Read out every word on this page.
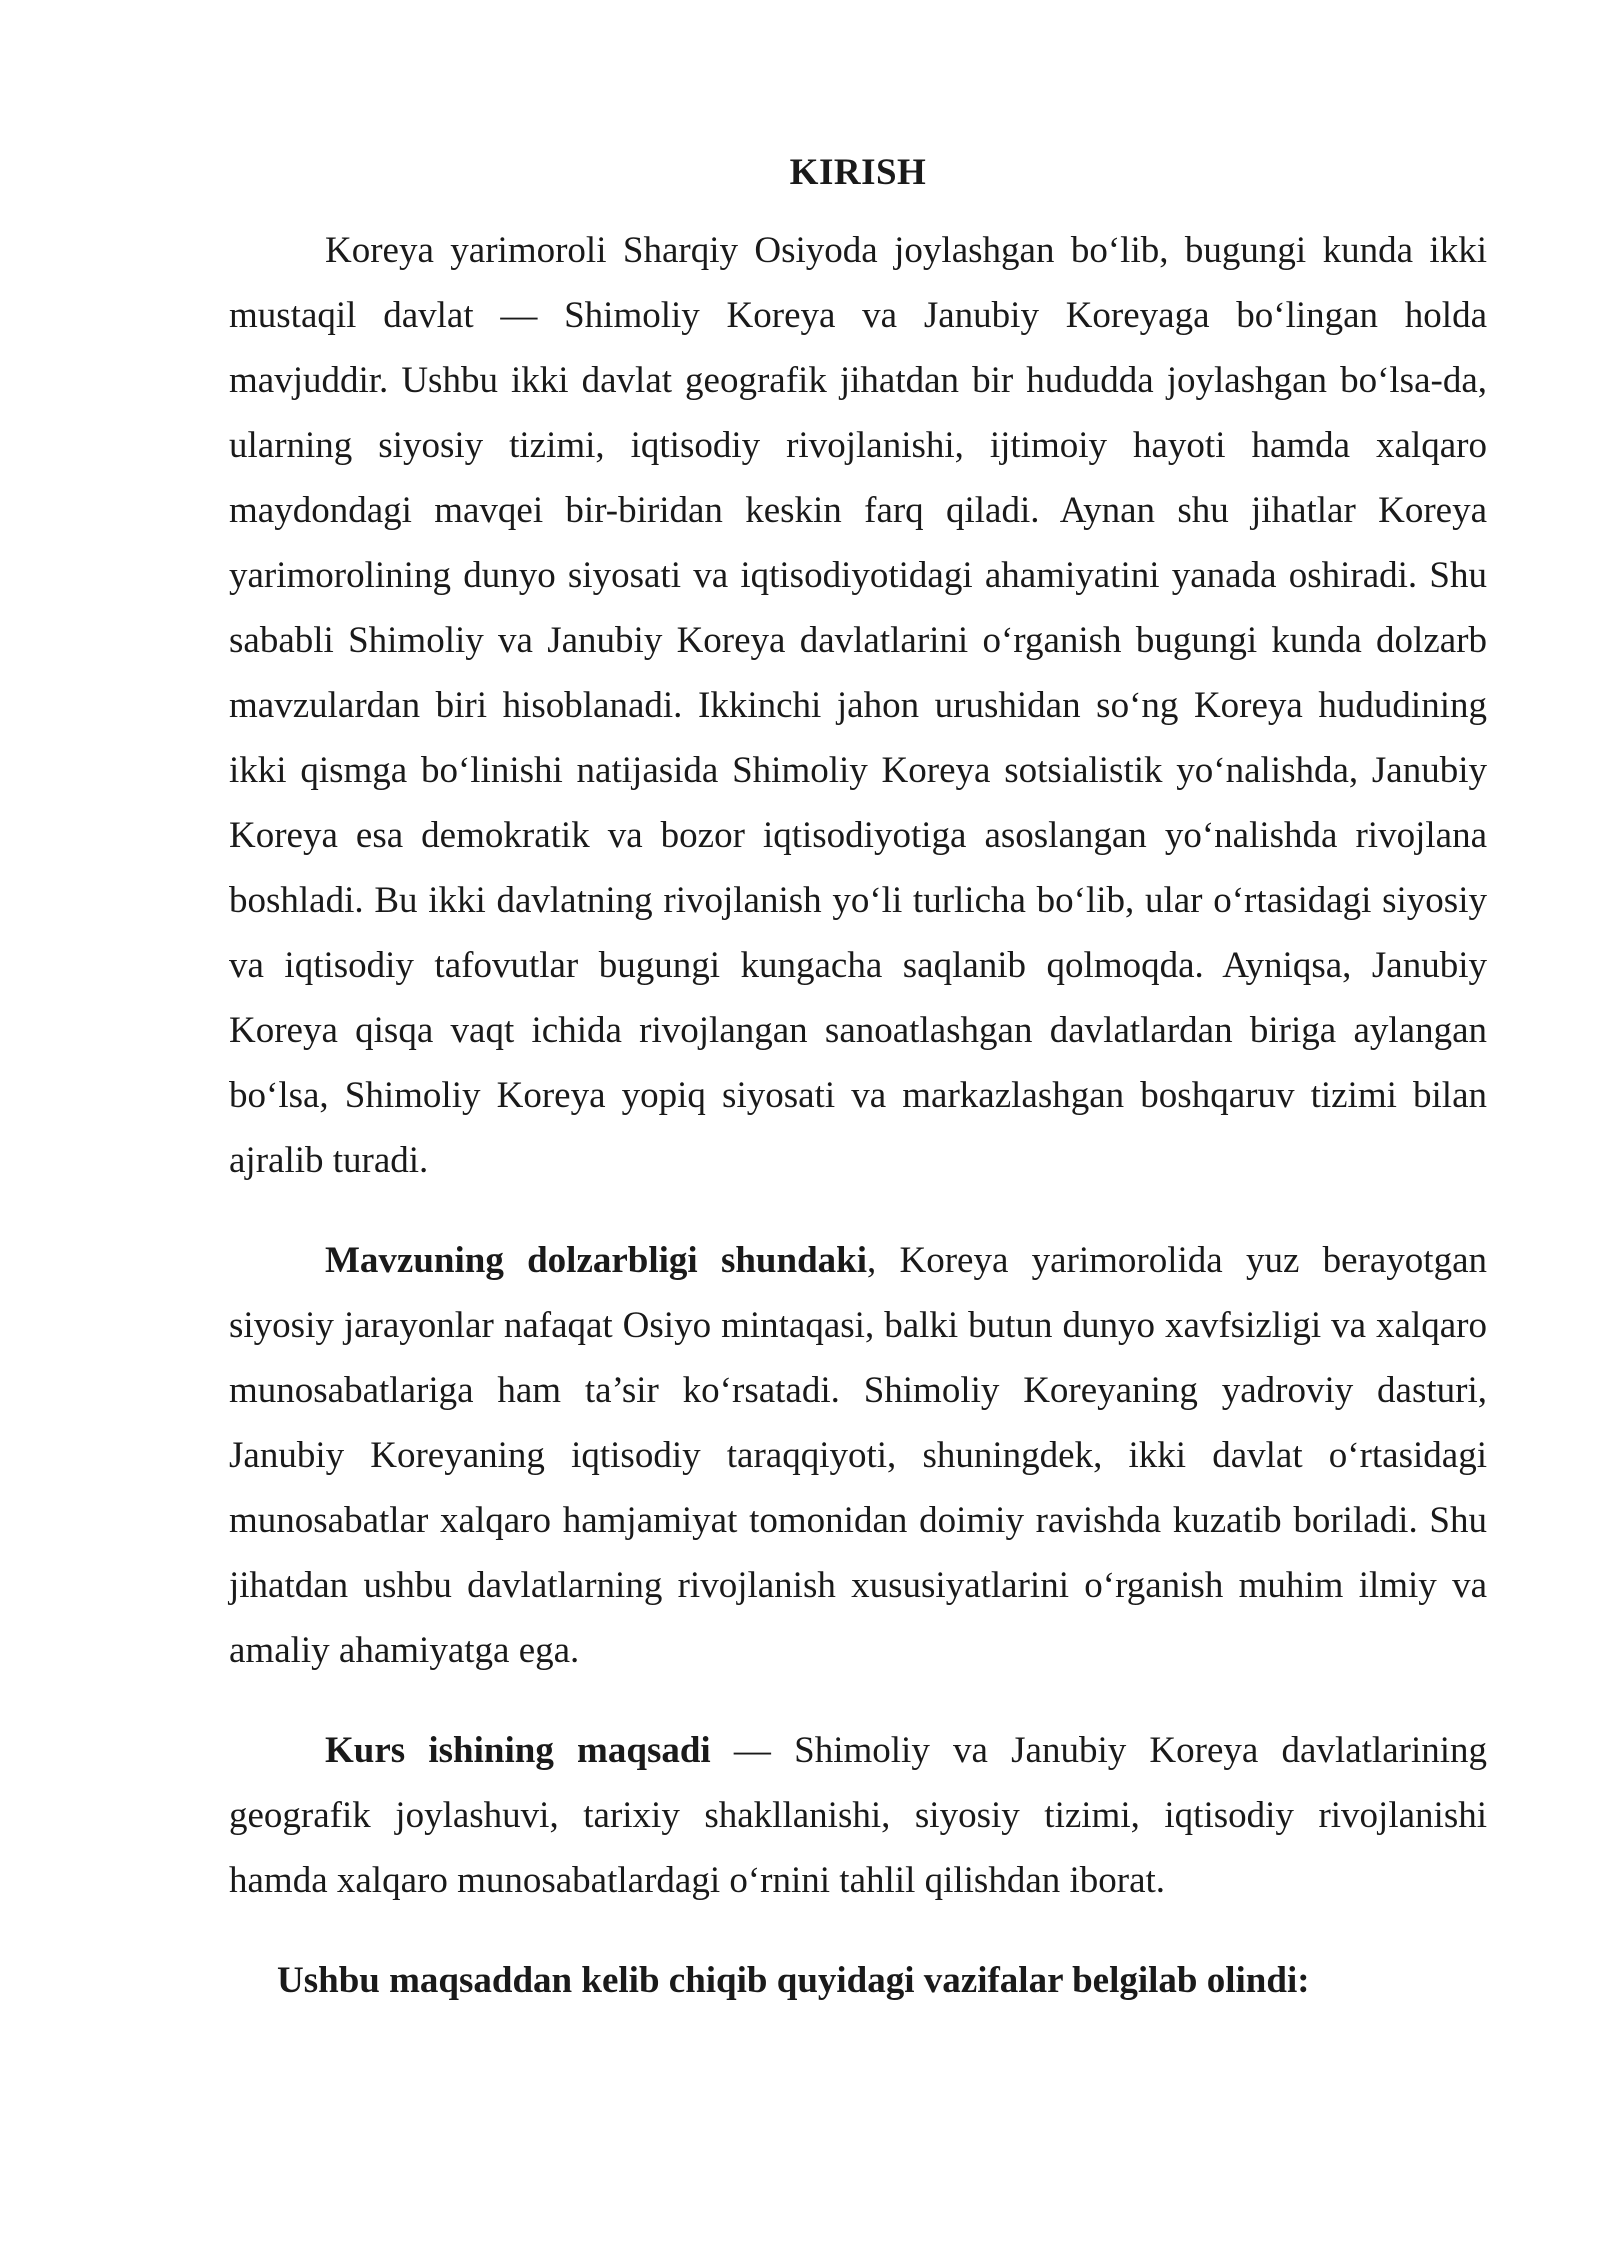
KIRISH

Koreya yarimoroli Sharqiy Osiyoda joylashgan bo‘lib, bugungi kunda ikki mustaqil davlat — Shimoliy Koreya va Janubiy Koreyaga bo‘lingan holda mavjuddir. Ushbu ikki davlat geografik jihatdan bir hududda joylashgan bo‘lsa-da, ularning siyosiy tizimi, iqtisodiy rivojlanishi, ijtimoiy hayoti hamda xalqaro maydondagi mavqei bir-biridan keskin farq qiladi. Aynan shu jihatlar Koreya yarimorolining dunyo siyosati va iqtisodiyotidagi ahamiyatini yanada oshiradi. Shu sababli Shimoliy va Janubiy Koreya davlatlarini o‘rganish bugungi kunda dolzarb mavzulardan biri hisoblanadi. Ikkinchi jahon urushidan so‘ng Koreya hududining ikki qismga bo‘linishi natijasida Shimoliy Koreya sotsialistik yo‘nalishda, Janubiy Koreya esa demokratik va bozor iqtisodiyotiga asoslangan yo‘nalishda rivojlana boshladi. Bu ikki davlatning rivojlanish yo‘li turlicha bo‘lib, ular o‘rtasidagi siyosiy va iqtisodiy tafovutlar bugungi kungacha saqlanib qolmoqda. Ayniqsa, Janubiy Koreya qisqa vaqt ichida rivojlangan sanoatlashgan davlatlardan biriga aylangan bo‘lsa, Shimoliy Koreya yopiq siyosati va markazlashgan boshqaruv tizimi bilan ajralib turadi.

Mavzuning dolzarbligi shundaki, Koreya yarimorolida yuz berayotgan siyosiy jarayonlar nafaqat Osiyo mintaqasi, balki butun dunyo xavfsizligi va xalqaro munosabatlariga ham ta’sir ko‘rsatadi. Shimoliy Koreyaning yadroviy dasturi, Janubiy Koreyaning iqtisodiy taraqqiyoti, shuningdek, ikki davlat o‘rtasidagi munosabatlar xalqaro hamjamiyat tomonidan doimiy ravishda kuzatib boriladi. Shu jihatdan ushbu davlatlarning rivojlanish xususiyatlarini o‘rganish muhim ilmiy va amaliy ahamiyatga ega.

Kurs ishining maqsadi — Shimoliy va Janubiy Koreya davlatlarining geografik joylashuvi, tarixiy shakllanishi, siyosiy tizimi, iqtisodiy rivojlanishi hamda xalqaro munosabatlardagi o‘rnini tahlil qilishdan iborat.

Ushbu maqsaddan kelib chiqib quyidagi vazifalar belgilab olindi:
